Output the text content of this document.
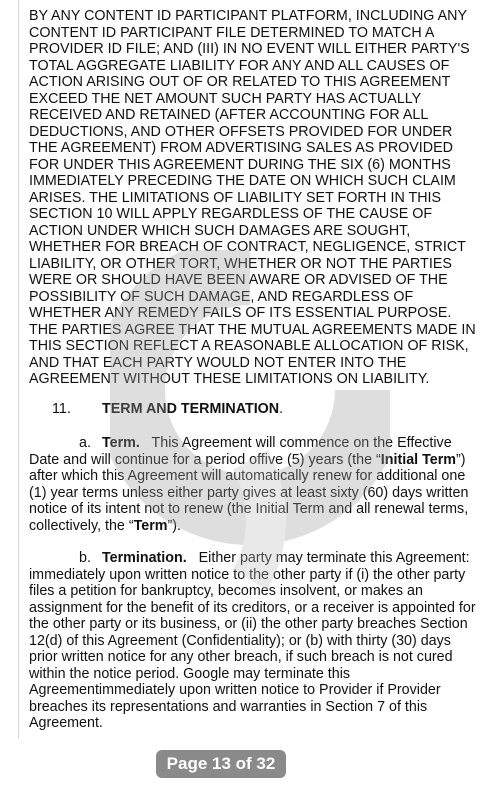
BY ANY CONTENT ID PARTICIPANT PLATFORM, INCLUDING ANY CONTENT ID PARTICIPANT FILE DETERMINED TO MATCH A PROVIDER ID FILE; AND (III) IN NO EVENT WILL EITHER PARTY'S TOTAL AGGREGATE LIABILITY FOR ANY AND ALL CAUSES OF ACTION ARISING OUT OF OR RELATED TO THIS AGREEMENT EXCEED THE NET AMOUNT SUCH PARTY HAS ACTUALLY RECEIVED AND RETAINED (AFTER ACCOUNTING FOR ALL DEDUCTIONS, AND OTHER OFFSETS PROVIDED FOR UNDER THE AGREEMENT) FROM ADVERTISING SALES AS PROVIDED FOR UNDER THIS AGREEMENT DURING THE SIX (6) MONTHS IMMEDIATELY PRECEDING THE DATE ON WHICH SUCH CLAIM ARISES. THE LIMITATIONS OF LIABILITY SET FORTH IN THIS SECTION 10 WILL APPLY REGARDLESS OF THE CAUSE OF ACTION UNDER WHICH SUCH DAMAGES ARE SOUGHT, WHETHER FOR BREACH OF CONTRACT, NEGLIGENCE, STRICT LIABILITY, OR OTHER TORT, WHETHER OR NOT THE PARTIES WERE OR SHOULD HAVE BEEN AWARE OR ADVISED OF THE POSSIBILITY OF SUCH DAMAGE, AND REGARDLESS OF WHETHER ANY REMEDY FAILS OF ITS ESSENTIAL PURPOSE. THE PARTIES AGREE THAT THE MUTUAL AGREEMENTS MADE IN THIS SECTION REFLECT A REASONABLE ALLOCATION OF RISK, AND THAT EACH PARTY WOULD NOT ENTER INTO THE AGREEMENT WITHOUT THESE LIMITATIONS ON LIABILITY.

11. TERM AND TERMINATION.

a. Term. This Agreement will commence on the Effective
Date and will continue for a period offive (5) years (the “Initial Term”) after which this Agreement will automatically renew for additional one (1) year terms unless either party gives at least sixty (60) days written notice of its intent not to renew (the Initial Term and all renewal terms, collectively, the “Term”).

b. Termination. Either party may terminate this Agreement:
immediately upon written notice to the other party if (i) the other party files a petition for bankruptcy, becomes insolvent, or makes an assignment for the benefit of its creditors, or a receiver is appointed for the other party or its business, or (ii) the other party breaches Section 12(d) of this Agreement (Confidentiality); or (b) with thirty (30) days prior written notice for any other breach, if such breach is not cured within the notice period. Google may terminate this Agreementimmediately upon written notice to Provider if Provider breaches its representations and warranties in Section 7 of this Agreement.

Page 13 of 32
